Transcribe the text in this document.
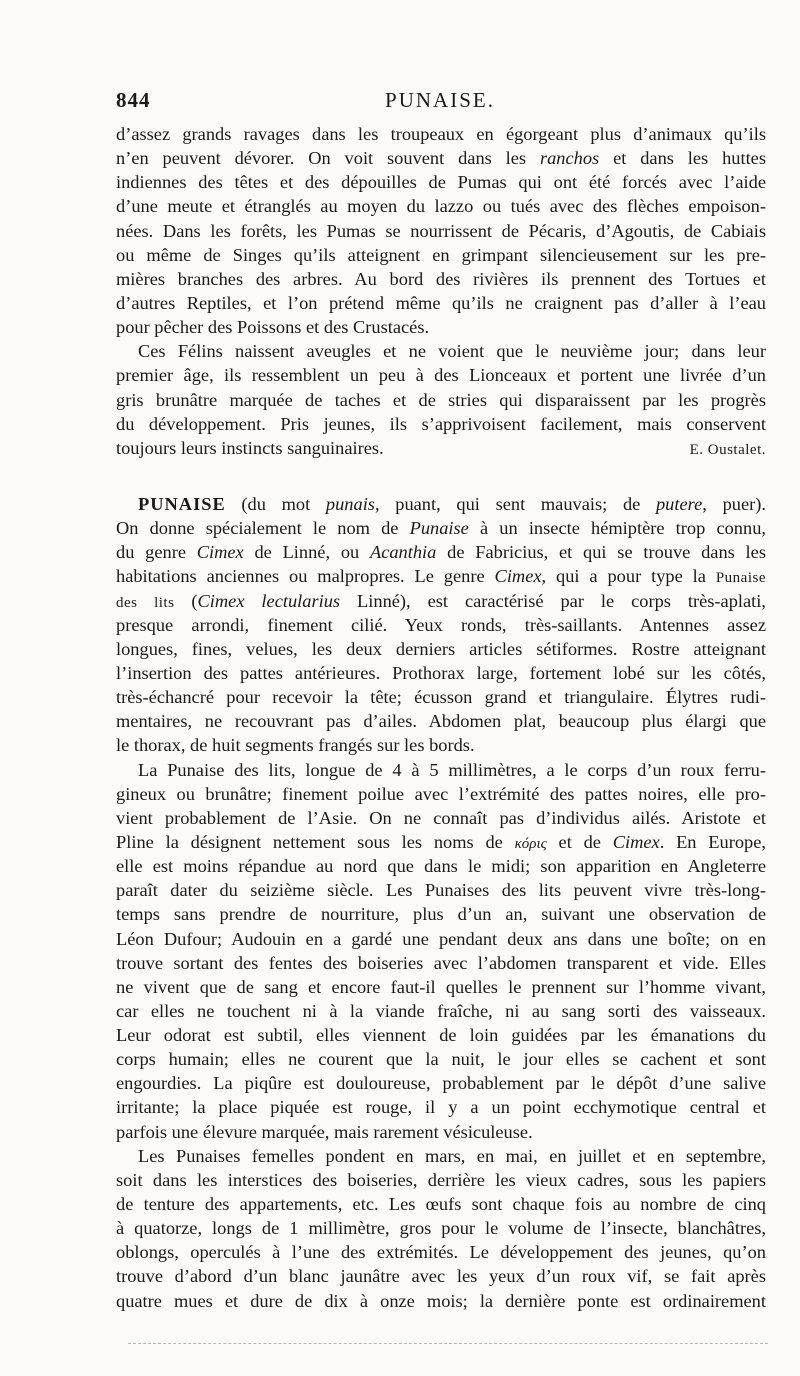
844	PUNAISE.
d’assez grands ravages dans les troupeaux en égorgeant plus d’animaux qu’ils
n’en peuvent dévorer. On voit souvent dans les ranchos et dans les huttes
indiennes des têtes et des dépouilles de Pumas qui ont été forcés avec l’aide
d’une meute et étranglés au moyen du lazzo ou tués avec des flèches empoison-
nées. Dans les forêts, les Pumas se nourrissent de Pécaris, d’Agoutis, de Cabiais
ou même de Singes qu’ils atteignent en grimpant silencieusement sur les pre-
mières branches des arbres. Au bord des rivières ils prennent des Tortues et
d’autres Reptiles, et l’on prétend même qu’ils ne craignent pas d’aller à l’eau
pour pêcher des Poissons et des Crustacés.
Ces Félins naissent aveugles et ne voient que le neuvième jour; dans leur
premier âge, ils ressemblent un peu à des Lionceaux et portent une livrée d’un
gris brunâtre marquée de taches et de stries qui disparaissent par les progrès
du développement. Pris jeunes, ils s’apprivoisent facilement, mais conservent
toujours leurs instincts sanguinaires.	E. Oustalet.
PUNAISE (du mot punais, puant, qui sent mauvais; de putere, puer).
On donne spécialement le nom de Punaise à un insecte hémiptère trop connu,
du genre Cimex de Linné, ou Acanthia de Fabricius, et qui se trouve dans les
habitations anciennes ou malpropres. Le genre Cimex, qui a pour type la Punaise
des lits (Cimex lectularius Linné), est caractérisé par le corps très-aplati,
presque arrondi, finement cilié. Yeux ronds, très-saillants. Antennes assez
longues, fines, velues, les deux derniers articles sétiformes. Rostre atteignant
l’insertion des pattes antérieures. Prothorax large, fortement lobé sur les côtés,
très-échancré pour recevoir la tête; écusson grand et triangulaire. Élytres rudi-
mentaires, ne recouvrant pas d’ailes. Abdomen plat, beaucoup plus élargi que
le thorax, de huit segments frangés sur les bords.
La Punaise des lits, longue de 4 à 5 millimètres, a le corps d’un roux ferru-
gineux ou brunâtre; finement poilue avec l’extrémité des pattes noires, elle pro-
vient probablement de l’Asie. On ne connaît pas d’individus ailés. Aristote et
Pline la désignent nettement sous les noms de κόρις et de Cimex. En Europe,
elle est moins répandue au nord que dans le midi; son apparition en Angleterre
paraît dater du seizième siècle. Les Punaises des lits peuvent vivre très-long-
temps sans prendre de nourriture, plus d’un an, suivant une observation de
Léon Dufour; Audouin en a gardé une pendant deux ans dans une boîte; on en
trouve sortant des fentes des boiseries avec l’abdomen transparent et vide. Elles
ne vivent que de sang et encore faut-il quelles le prennent sur l’homme vivant,
car elles ne touchent ni à la viande fraîche, ni au sang sorti des vaisseaux.
Leur odorat est subtil, elles viennent de loin guidées par les émanations du
corps humain; elles ne courent que la nuit, le jour elles se cachent et sont
engourdies. La piqûre est douloureuse, probablement par le dépôt d’une salive
irritante; la place piquée est rouge, il y a un point ecchymotique central et
parfois une élevure marquée, mais rarement vésiculeuse.
Les Punaises femelles pondent en mars, en mai, en juillet et en septembre,
soit dans les interstices des boiseries, derrière les vieux cadres, sous les papiers
de tenture des appartements, etc. Les œufs sont chaque fois au nombre de cinq
à quatorze, longs de 1 millimètre, gros pour le volume de l’insecte, blanchâtres,
oblongs, operculés à l’une des extrémités. Le développement des jeunes, qu’on
trouve d’abord d’un blanc jaunâtre avec les yeux d’un roux vif, se fait après
quatre mues et dure de dix à onze mois; la dernière ponte est ordinairement
